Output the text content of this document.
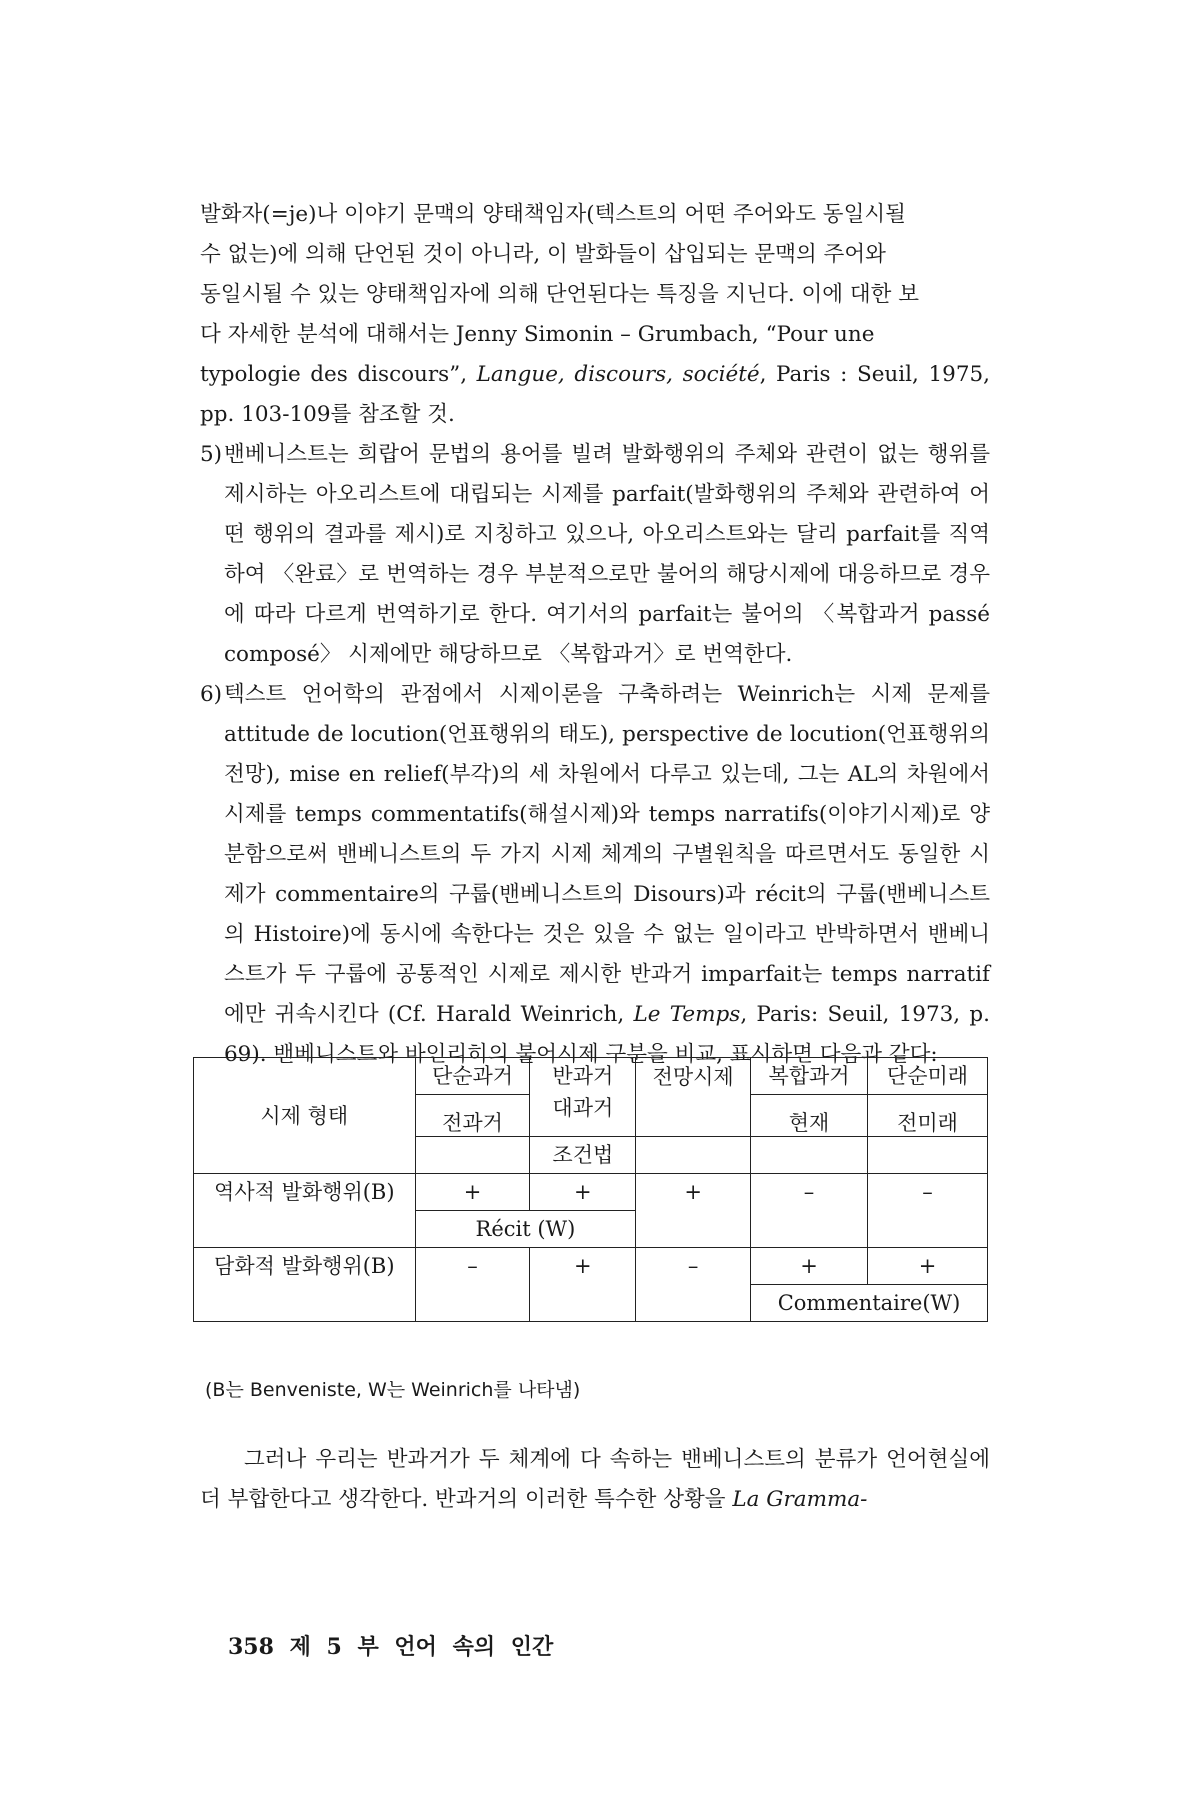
발화자(=je)나 이야기 문맥의 양태책임자(텍스트의 어떤 주어와도 동일시될
수 없는)에 의해 단언된 것이 아니라, 이 발화들이 삽입되는 문맥의 주어와
동일시될 수 있는 양태책임자에 의해 단언된다는 특징을 지닌다. 이에 대한 보
다 자세한 분석에 대해서는 Jenny Simonin – Grumbach, “Pour une
typologie des discours”, Langue, discours, société, Paris : Seuil, 1975, pp. 103-109를 참조할 것.

5) 밴베니스트는 희랍어 문법의 용어를 빌려 발화행위의 주체와 관련이 없는 행위를 제시하는 아오리스트에 대립되는 시제를 parfait(발화행위의 주체와 관련하여 어떤 행위의 결과를 제시)로 지칭하고 있으나, 아오리스트와는 달리 parfait를 직역하여 〈완료〉로 번역하는 경우 부분적으로만 불어의 해당시제에 대응하므로 경우에 따라 다르게 번역하기로 한다. 여기서의 parfait는 불어의 〈복합과거 passé composé〉 시제에만 해당하므로 〈복합과거〉로 번역한다.
6) 텍스트 언어학의 관점에서 시제이론을 구축하려는 Weinrich는 시제 문제를 attitude de locution(언표행위의 태도), perspective de locution(언표행위의 전망), mise en relief(부각)의 세 차원에서 다루고 있는데, 그는 AL의 차원에서 시제를 temps commentatifs(해설시제)와 temps narratifs(이야기시제)로 양분함으로써 밴베니스트의 두 가지 시제 체계의 구별원칙을 따르면서도 동일한 시제가 commentaire의 구룹(밴베니스트의 Disours)과 récit의 구룹(밴베니스트의 Histoire)에 동시에 속한다는 것은 있을 수 없는 일이라고 반박하면서 밴베니스트가 두 구룹에 공통적인 시제로 제시한 반과거 imparfait는 temps narratif에만 귀속시킨다 (Cf. Harald Weinrich, Le Temps, Paris: Seuil, 1973, p. 69). 밴베니스트와 바인리히의 불어시제 구분을 비교, 표시하면 다음과 같다:
시제 형태	단순과거	반과거	전망시제	복합과거	단순미래
	전과거	대과거		현재	전미래

		조건법			
역사적 발화행위(B)	+	+	+	–	–
	Récit (W)				
담화적 발화행위(B)	–	+	–	+	+
				Commentaire(W)	
(B는 Benveniste, W는 Weinrich를 나타냄)

그러나 우리는 반과거가 두 체계에 다 속하는 밴베니스트의 분류가 언어현실에 더 부합한다고 생각한다. 반과거의 이러한 특수한 상황을 La Gramma-

358 제 5 부 언어 속의 인간
